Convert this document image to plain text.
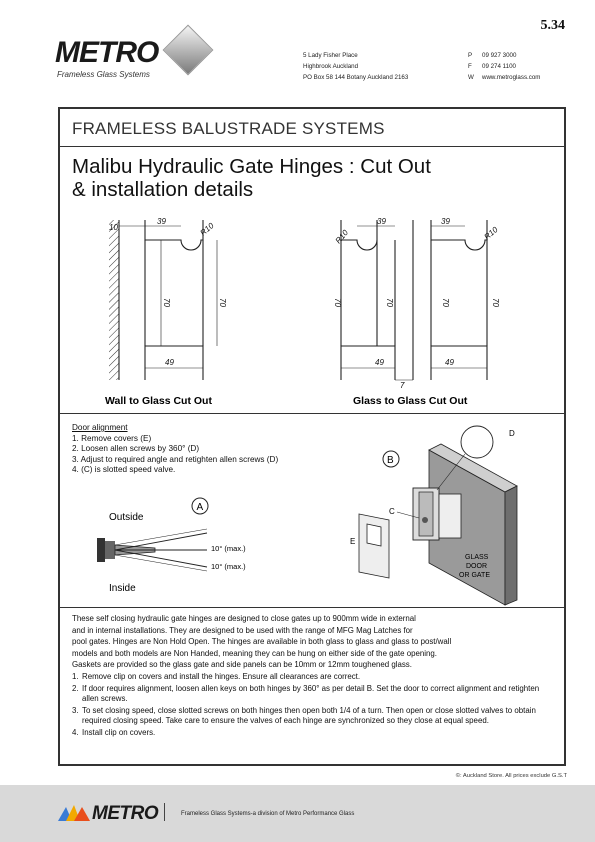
5.34
METRO
Frameless Glass Systems
5 Lady Fisher Place
Highbrook Auckland
PO Box 58 144 Botany Auckland 2163
P 09 927 3000
F 09 274 1100
W www.metroglass.com
FRAMELESS BALUSTRADE SYSTEMS
Malibu Hydraulic Gate Hinges : Cut Out
& installation details
10
39	R10
70	70
49
Wall to Glass Cut Out
R10
39	39
R10
70	70	70	70
49
7
49
Glass to Glass Cut Out
Door alignment
1. Remove covers (E)
2. Loosen allen screws by 360° (D)
3. Adjust to required angle and retighten allen screws (D)
4. (C) is slotted speed valve.
A
Outside
Inside
10° (max.)
10° (max.)
B
E
C
D
GLASS
DOOR
OR GATE

These self closing hydraulic gate hinges are designed to close gates up to 900mm wide in external

and in internal installations. They are designed to be used with the range of MFG Mag Latches for

pool gates. Hinges are Non Hold Open. The hinges are available in both glass to glass and glass to post/wall

models and both models are Non Handed, meaning they can be hung on either side of the gate opening.

Gaskets are provided so the glass gate and side panels can be 10mm or 12mm toughened glass.

1. Remove clip on covers and install the hinges. Ensure all clearances are correct.
2. If door requires alignment, loosen allen keys on both hinges by 360° as per detail B. Set the door to correct alignment and retighten allen screws.
3. To set closing speed, close slotted screws on both hinges then open both 1/4 of a turn. Then open or close slotted valves to obtain required closing speed. Take care to ensure the valves of each hinge are synchronized so they close at equal speed.
4. Install clip on covers.
©: Auckland Store. All prices exclude G.S.T
METRO	Frameless Glass Systems-a division of Metro Performance Glass
